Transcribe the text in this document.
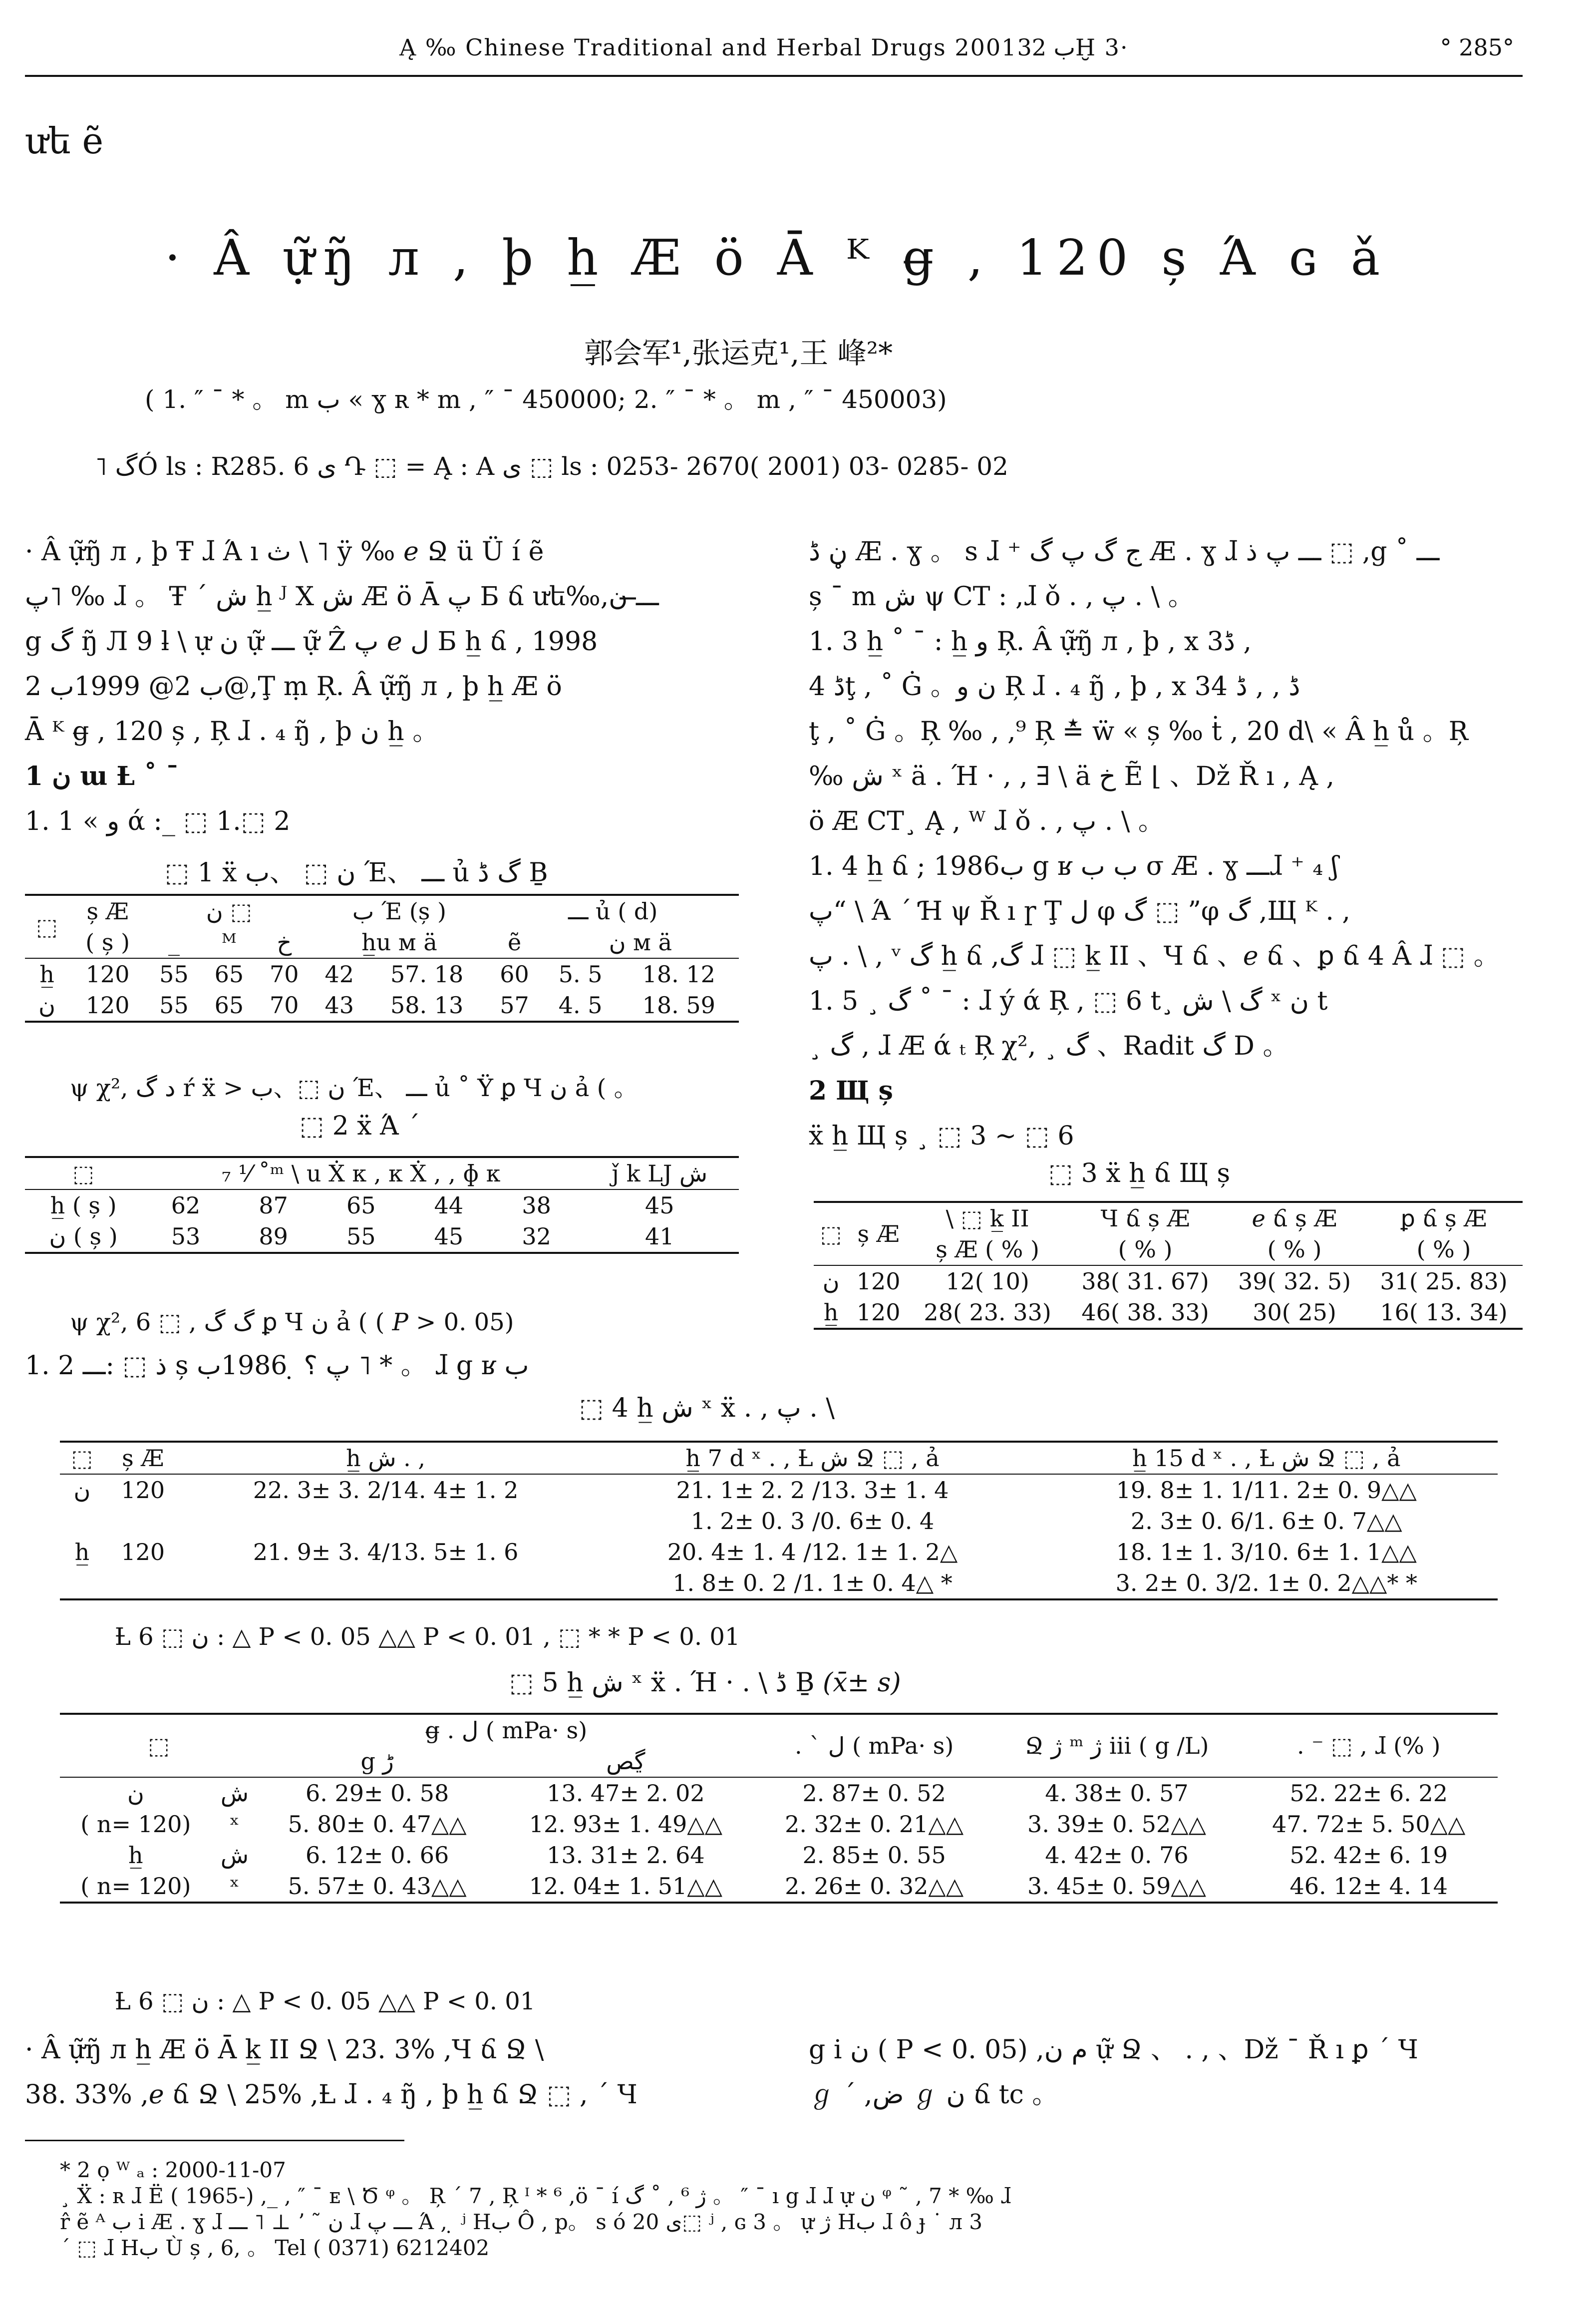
Ą ‰ Chinese Traditional and Herbal Drugs 2001ب 32Ḫ 3·	° 285°
ưե ẽ
· Â ự̃ŋ̃ л , þ h̲ Æ ö Ā ᴷ g̶ , 120 ș Ά ɢ ǎ
郭会军¹,张运克¹,王 峰²*
( 1. ″ ¯ * 。 m ب « ɣ ʀ * m , ″ ¯ 450000; 2. ″ ¯ * 。 m , ″ ¯ 450003)
˥ گÓ ls : R285. 6 ى Դ ⬚ = Ą : A ى ⬚ ls : 0253- 2670( 2001) 03- 0285- 02
· Â ự̃ŋ̃ л , þ Ŧ ɺ Ά ı ث \ ˥ ÿ ‰ ℯ Ջ ü Ü í ẽ
پ˥ ‰ ɺ 。 Ŧ ´ ش h̲ ᴶ X ش Æ ö Ā پ Б ճ ưե‰,ـــ̶ ن
g گ ŋ̃ Л 9 ƚ \ ự ن ự̃ ـــ ự̃ Ẑ پ ℯ ل Б h̲ ճ , 1998
ب 2@ 1999ب 2@,Ţ ṃ Ŗ. Â ự̃ŋ̃ л , þ h̲ Æ ö
Ā ᴷ g̶ , 120 ș , Ŗ ɺ . ₄ ŋ̃ , þ ن h̲ 。
1 ن ա Ƚ ˚ ˉ
1. 1 « و ά :_ ⬚ 1.⬚ 2
⬚ 1 ẍ ن ⬚ 、ب Έ、 ـــ ủ گ ڈ Ḇ
⬚	ș Æ	ن ⬚			ب Έ (ș )		ـــ ủ ( d)		
	( ș )	_	ᴹ	خ	h̲u ᴍ ä		ẽ	ن ᴍ ä	
h̲	120	55	65	70	42	57. 18	60	5. 5	18. 12
ن	120	55	65	70	43	58. 13	57	4. 5	18. 59
ψ χ², د گ ŕ ẍ > ن ⬚、ب Έ、 ـــ ủ ˚ Ÿ ꝑ Ч ن ả ( 。
⬚ 2 ẍ Ά ´
⬚	₇ ⅟ ˚ᵐ \ u Ẋ κ , κ Ẋ , , ɸ κ					ǰ k LJ ش
h̲ ( ș )	62	87	65	44	38	45
ن ( ș )	53	89	55	45	32	41
ψ χ², گ گ , ⬚ 6 ꝑ Ч ن ả ( ( P > 0. 05)
1. 2 ذ ⬚ :ـــ ș پ ؟ ̣ 1986ب ˥ * 。 ɺ g ʁ ب
ڼ ڈ Æ . ɣ 。 s ɺ ⁺ ج گ پ گ Æ . ɣ ɺ ـــ پ ذ ⬚ ,g ˚ ـــ
ș ˉ m ش ψ CT : ,ɺ ǒ . , پ . \ 。
1. 3 h̲ ˚ ˉ : h̲ و Ŗ. Â ự̃ŋ̃ л , þ , x 3ڈ ,
ڈ 4ţ , ˚ Ġ 。ن و Ŗ ɺ . ₄ ŋ̃ , þ , x 3ڈ , , ڈ 4
ţ , ˚ Ġ 。Ŗ ‰ , ,⁹ Ŗ ≛ ẅ « ș ‰ ṫ , 20 d\ « Â h̲ ů 。Ŗ
‰ ش ˣ ä . Ή · , , ∃ \ ä خ Ẽ ⌊ 、Dž Ř ı , Ą ,
ö Æ CT¸ Ą , ᵂ ɺ ǒ . , پ . \ 。
1. 4 h̲ ճ ; 1986ب g ʁ ب ب σ Æ . ɣ ـــɺ ⁺ ₄ ʃ
پ“ \ Ά ´ Ɦ ψ Ř ı ɼ Ţ ل φ گ ⬚ ”φ گ ,Щ ᴷ . ,
پ . \ , ᵛ گ h̲ ճ ,گ ɺ ⬚ k̲ II 、Ч ճ 、ℯ ճ 、ꝑ ճ 4 Â ɺ ⬚ 。
1. 5 ¸ گ ˚ ˉ : ɺ ý ά Ŗ , ⬚ 6 t¸ گ \ ش ˣ ن t
¸ گ , ɺ Æ ά ₜ Ŗ χ², ¸ گ 、Radit گ D 。
2 Щ ș
ẍ h̲ Щ ș ¸ ⬚ 3 ~ ⬚ 6
⬚ 3 ẍ h̲ ճ Щ ș
⬚	ș Æ	\ ⬚ k̲ II	Ч ճ ș Æ	ℯ ճ ș Æ	ꝑ ճ ș Æ
		ș Æ ( % )	( % )	( % )	( % )
ن	120	12( 10)	38( 31. 67)	39( 32. 5)	31( 25. 83)
h̲	120	28( 23. 33)	46( 38. 33)	30( 25)	16( 13. 34)
⬚ 4 h̲ ش ˣ ẍ . , پ . \
⬚	ș Æ	h̲ ش . ,	h̲ 7 d ˣ . , Ƚ ش Ջ ⬚ , ả	h̲ 15 d ˣ . , Ƚ ش Ջ ⬚ , ả
ن	120	22. 3± 3. 2/14. 4± 1. 2	21. 1± 2. 2 /13. 3± 1. 4	19. 8± 1. 1/11. 2± 0. 9△△
			1. 2± 0. 3 /0. 6± 0. 4	2. 3± 0. 6/1. 6± 0. 7△△
h̲	120	21. 9± 3. 4/13. 5± 1. 6	20. 4± 1. 4 /12. 1± 1. 2△	18. 1± 1. 3/10. 6± 1. 1△△
			1. 8± 0. 2 /1. 1± 0. 4△ *	3. 2± 0. 3/2. 1± 0. 2△△* *
Ƚ ن ⬚ 6 : △ P < 0. 05 △△ P < 0. 01 , ⬚ * * P < 0. 01
⬚ 5 h̲ ش ˣ ẍ . Ή · . \ ڈ Ḇ (x̄± s)
⬚		g̶ . ل ( mPa· s)		. ` ل ( mPa· s)	Ջ ژ ᵐ ژ iii ( g /L)	. ⁻ ⬚ , ɺ (% )
		g ڑ	ڲص			
ن	ش	6. 29± 0. 58	13. 47± 2. 02	2. 87± 0. 52	4. 38± 0. 57	52. 22± 6. 22
( n= 120)	ˣ	5. 80± 0. 47△△	12. 93± 1. 49△△	2. 32± 0. 21△△	3. 39± 0. 52△△	47. 72± 5. 50△△
h̲	ش	6. 12± 0. 66	13. 31± 2. 64	2. 85± 0. 55	4. 42± 0. 76	52. 42± 6. 19
( n= 120)	ˣ	5. 57± 0. 43△△	12. 04± 1. 51△△	2. 26± 0. 32△△	3. 45± 0. 59△△	46. 12± 4. 14
Ƚ ن ⬚ 6 : △ P < 0. 05 △△ P < 0. 01
· Â ự̃ŋ̃ л h̲ Æ ö Ā k̲ II Ջ \ 23. 3% ,Ч ճ Ջ \
38. 33% ,ℯ ճ Ջ \ 25% ,Ƚ ɺ . ₄ ŋ̃ , þ h̲ ճ Ջ ⬚ , ´ Ч
g i ن ( P < 0. 05) ,م ن ự̃ Ջ 、 . , 、Dž ˉ Ř ı ꝑ ´ Ч
ℊ ´ ,ض ℊ ن ճ tc 。
* 2 ọ ᵂ ₐ : 2000-11-07
¸ Ẍ : ʀ ɺ Ë ( 1965-) ,_ , ″ ¯ ᴇ \ Ծ ᵠ 。 Ŗ ´ 7 , Ŗ ᴵ * ⁶ ,ö ˉ í ژ ⁶ , ˚ گ 。 ″ ¯ ı g ɺ ɺ ự ن ᵠ ˜ , 7 * ‰ ɺ
r̂ ẽ ᴬ ب i Æ . ɣ ɺ ـــ ˥ ⊥ ʼ ˜ ن ɺ ـــ پ Ά , ̣ ʲ Hب Ô , p。 s ó ى 20⬚ ʲ , ɢ 3 。 ự ژ Hب ɺ ô ɟ ˙ л 3
´ ⬚ ɺ Hب Ù ș , 6, 。 Tel ( 0371) 6212402
